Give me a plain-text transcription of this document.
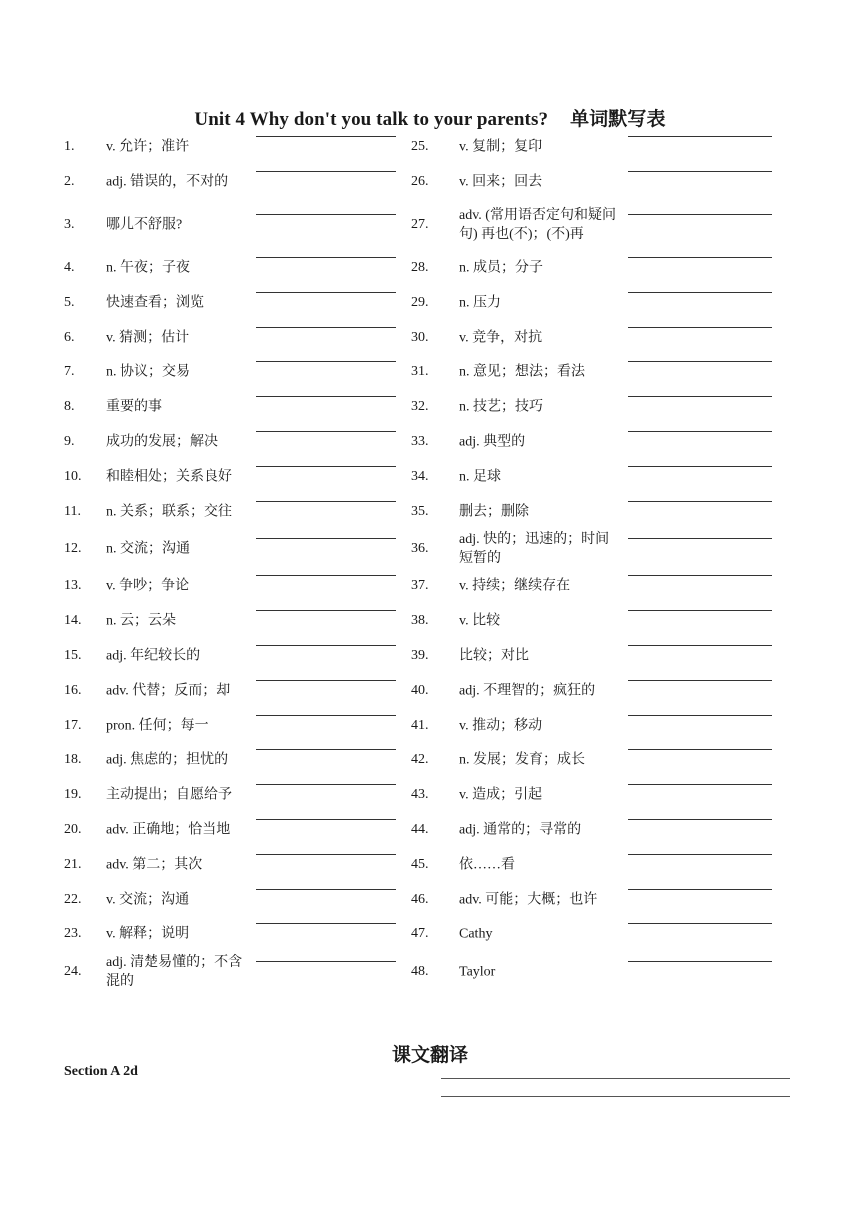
Unit 4 Why don't you talk to your parents? 单词默写表
1. v. 允许；准许
2. adj. 错误的，不对的
3. 哪儿不舒服?
4. n. 午夜；子夜
5. 快速查看；浏览
6. v. 猜测；估计
7. n. 协议；交易
8. 重要的事
9. 成功的发展；解决
10. 和睦相处；关系良好
11. n. 关系；联系；交往
12. n. 交流；沟通
13. v. 争吵；争论
14. n. 云；云朵
15. adj. 年纪较长的
16. adv. 代替；反而；却
17. pron. 任何；每一
18. adj. 焦虑的；担忧的
19. 主动提出；自愿给予
20. adv. 正确地；恰当地
21. adv. 第二；其次
22. v. 交流；沟通
23. v. 解释；说明
24.
adj. 清楚易懂的；不含混的
25. v. 复制；复印
26. v. 回来；回去
27.
adv. (常用语否定句和疑问句) 再也(不)；(不)再
28. n. 成员；分子
29. n. 压力
30. v. 竞争，对抗
31. n. 意见；想法；看法
32. n. 技艺；技巧
33. adj. 典型的
34. n. 足球
35. 删去；删除
36.
adj. 快的；迅速的；时间短暂的
37. v. 持续；继续存在
38. v. 比较
39. 比较；对比
40. adj. 不理智的；疯狂的
41. v. 推动；移动
42. n. 发展；发育；成长
43. v. 造成；引起
44. adj. 通常的；寻常的
45. 依……看
46. adv. 可能；大概；也许
47. Cathy
48. Taylor
课文翻译
Section A 2d
